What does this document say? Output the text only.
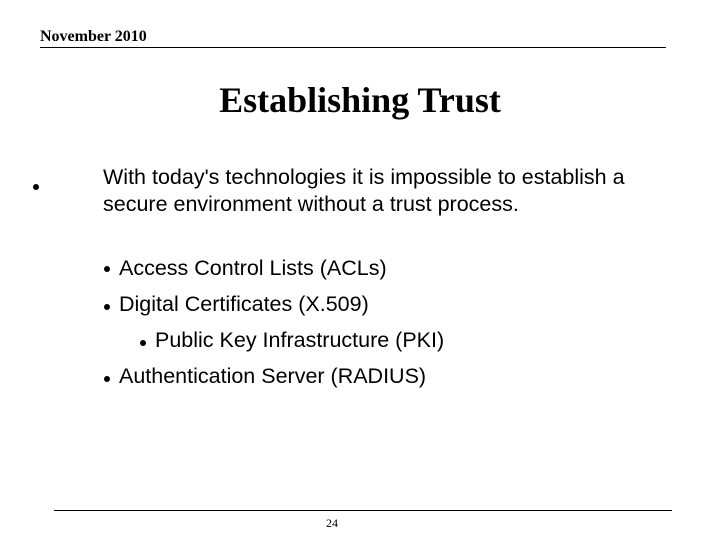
November 2010

Establishing Trust

With today's technologies it is impossible to establish a secure environment without a trust process.

Access Control Lists (ACLs)

Digital Certificates (X.509)

Public Key Infrastructure (PKI)

Authentication Server (RADIUS)

24
